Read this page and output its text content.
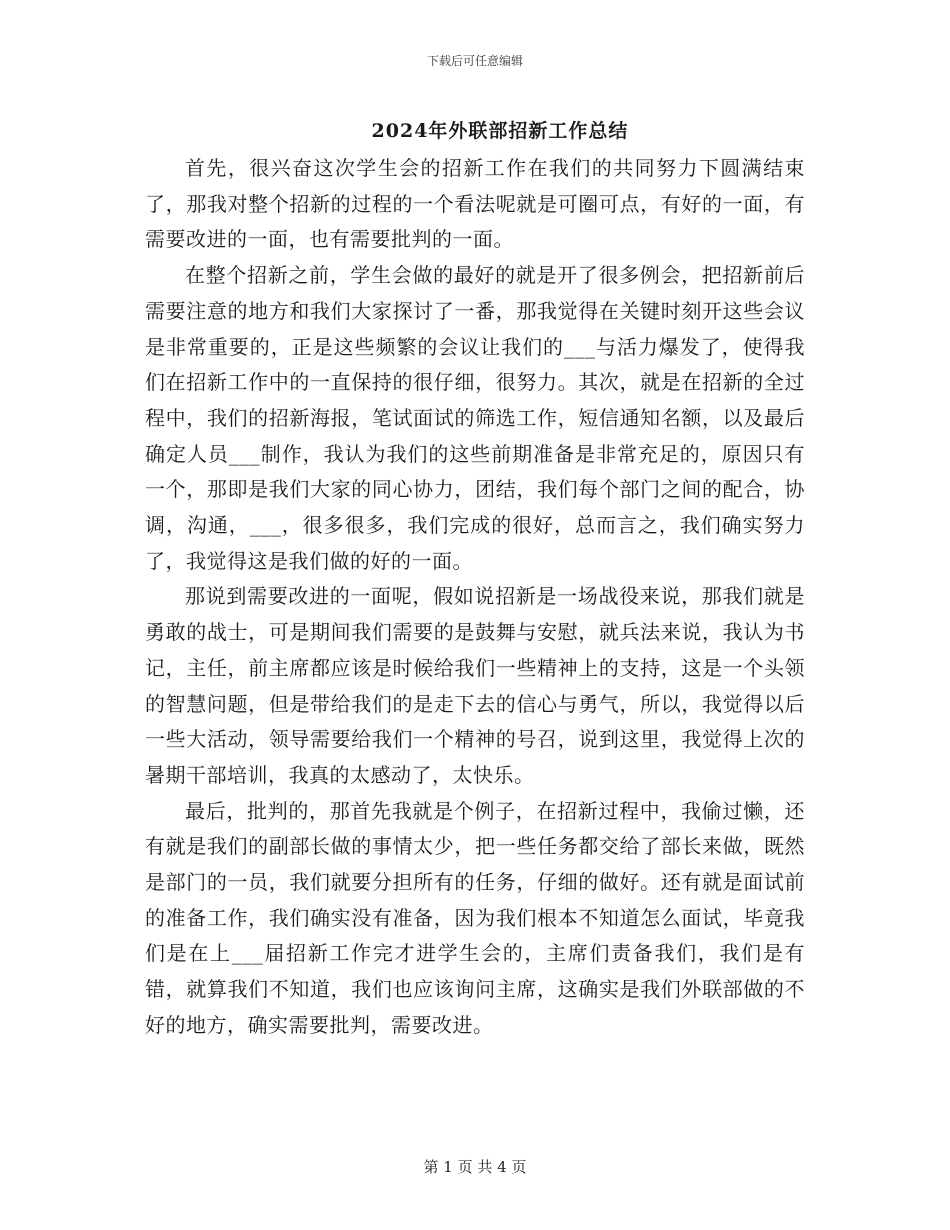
下载后可任意编辑
2024年外联部招新工作总结

首先，很兴奋这次学生会的招新工作在我们的共同努力下圆满结束了，那我对整个招新的过程的一个看法呢就是可圈可点，有好的一面，有需要改进的一面，也有需要批判的一面。

在整个招新之前，学生会做的最好的就是开了很多例会，把招新前后需要注意的地方和我们大家探讨了一番，那我觉得在关键时刻开这些会议是非常重要的，正是这些频繁的会议让我们的___与活力爆发了，使得我们在招新工作中的一直保持的很仔细，很努力。其次，就是在招新的全过程中，我们的招新海报，笔试面试的筛选工作，短信通知名额，以及最后确定人员___制作，我认为我们的这些前期准备是非常充足的，原因只有一个，那即是我们大家的同心协力，团结，我们每个部门之间的配合，协调，沟通，___，很多很多，我们完成的很好，总而言之，我们确实努力了，我觉得这是我们做的好的一面。

那说到需要改进的一面呢，假如说招新是一场战役来说，那我们就是勇敢的战士，可是期间我们需要的是鼓舞与安慰，就兵法来说，我认为书记，主任，前主席都应该是时候给我们一些精神上的支持，这是一个头领的智慧问题，但是带给我们的是走下去的信心与勇气，所以，我觉得以后一些大活动，领导需要给我们一个精神的号召，说到这里，我觉得上次的暑期干部培训，我真的太感动了，太快乐。

最后，批判的，那首先我就是个例子，在招新过程中，我偷过懒，还有就是我们的副部长做的事情太少，把一些任务都交给了部长来做，既然是部门的一员，我们就要分担所有的任务，仔细的做好。还有就是面试前的准备工作，我们确实没有准备，因为我们根本不知道怎么面试，毕竟我们是在上___届招新工作完才进学生会的，主席们责备我们，我们是有错，就算我们不知道，我们也应该询问主席，这确实是我们外联部做的不好的地方，确实需要批判，需要改进。

第 1 页 共 4 页
